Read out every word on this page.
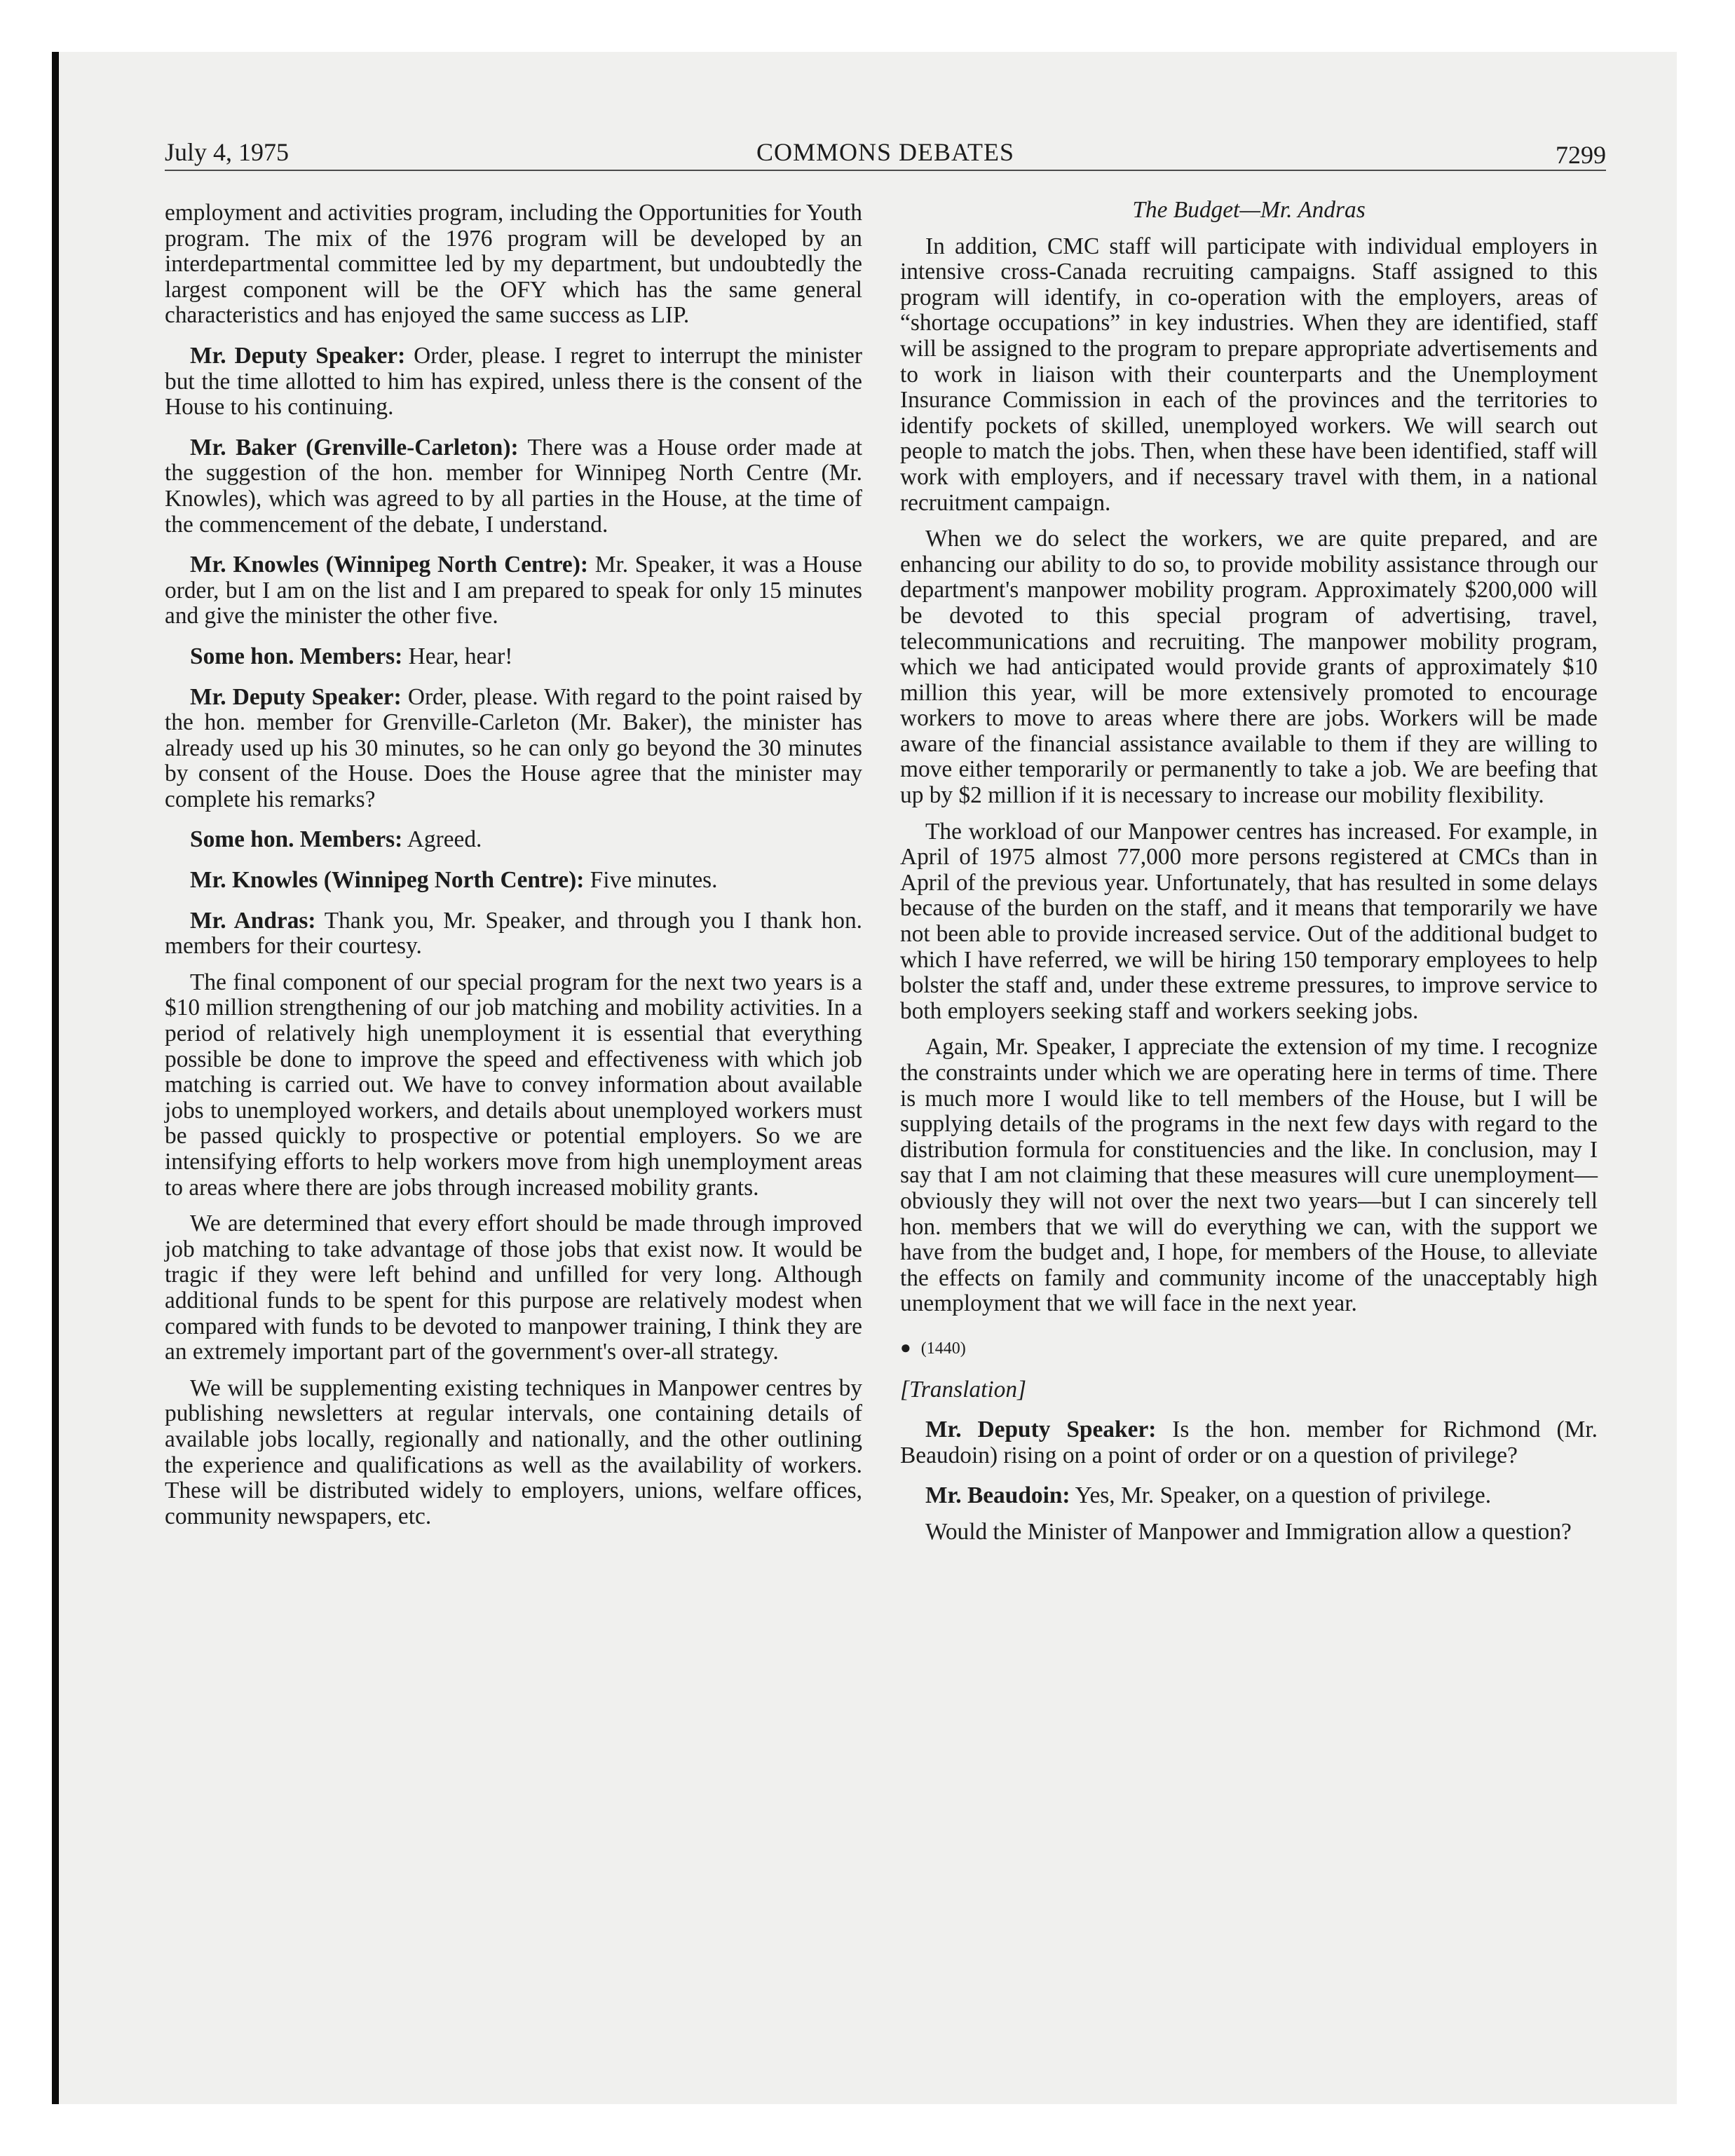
July 4, 1975	COMMONS DEBATES	7299

employment and activities program, including the Opportunities for Youth program. The mix of the 1976 program will be developed by an interdepartmental committee led by my department, but undoubtedly the largest component will be the OFY which has the same general characteristics and has enjoyed the same success as LIP.

Mr. Deputy Speaker: Order, please. I regret to interrupt the minister but the time allotted to him has expired, unless there is the consent of the House to his continuing.

Mr. Baker (Grenville-Carleton): There was a House order made at the suggestion of the hon. member for Winnipeg North Centre (Mr. Knowles), which was agreed to by all parties in the House, at the time of the commencement of the debate, I understand.

Mr. Knowles (Winnipeg North Centre): Mr. Speaker, it was a House order, but I am on the list and I am prepared to speak for only 15 minutes and give the minister the other five.

Some hon. Members: Hear, hear!

Mr. Deputy Speaker: Order, please. With regard to the point raised by the hon. member for Grenville-Carleton (Mr. Baker), the minister has already used up his 30 minutes, so he can only go beyond the 30 minutes by consent of the House. Does the House agree that the minister may complete his remarks?

Some hon. Members: Agreed.

Mr. Knowles (Winnipeg North Centre): Five minutes.

Mr. Andras: Thank you, Mr. Speaker, and through you I thank hon. members for their courtesy.

The final component of our special program for the next two years is a $10 million strengthening of our job matching and mobility activities. In a period of relatively high unemployment it is essential that everything possible be done to improve the speed and effectiveness with which job matching is carried out. We have to convey information about available jobs to unemployed workers, and details about unemployed workers must be passed quickly to prospective or potential employers. So we are intensifying efforts to help workers move from high unemployment areas to areas where there are jobs through increased mobility grants.

We are determined that every effort should be made through improved job matching to take advantage of those jobs that exist now. It would be tragic if they were left behind and unfilled for very long. Although additional funds to be spent for this purpose are relatively modest when compared with funds to be devoted to manpower training, I think they are an extremely important part of the government's over-all strategy.

We will be supplementing existing techniques in Manpower centres by publishing newsletters at regular intervals, one containing details of available jobs locally, regionally and nationally, and the other outlining the experience and qualifications as well as the availability of workers. These will be distributed widely to employers, unions, welfare offices, community newspapers, etc.

The Budget—Mr. Andras

In addition, CMC staff will participate with individual employers in intensive cross-Canada recruiting campaigns. Staff assigned to this program will identify, in co-operation with the employers, areas of “shortage occupations” in key industries. When they are identified, staff will be assigned to the program to prepare appropriate advertisements and to work in liaison with their counterparts and the Unemployment Insurance Commission in each of the provinces and the territories to identify pockets of skilled, unemployed workers. We will search out people to match the jobs. Then, when these have been identified, staff will work with employers, and if necessary travel with them, in a national recruitment campaign.

When we do select the workers, we are quite prepared, and are enhancing our ability to do so, to provide mobility assistance through our department's manpower mobility program. Approximately $200,000 will be devoted to this special program of advertising, travel, telecommunications and recruiting. The manpower mobility program, which we had anticipated would provide grants of approximately $10 million this year, will be more extensively promoted to encourage workers to move to areas where there are jobs. Workers will be made aware of the financial assistance available to them if they are willing to move either temporarily or permanently to take a job. We are beefing that up by $2 million if it is necessary to increase our mobility flexibility.

The workload of our Manpower centres has increased. For example, in April of 1975 almost 77,000 more persons registered at CMCs than in April of the previous year. Unfortunately, that has resulted in some delays because of the burden on the staff, and it means that temporarily we have not been able to provide increased service. Out of the additional budget to which I have referred, we will be hiring 150 temporary employees to help bolster the staff and, under these extreme pressures, to improve service to both employers seeking staff and workers seeking jobs.

Again, Mr. Speaker, I appreciate the extension of my time. I recognize the constraints under which we are operating here in terms of time. There is much more I would like to tell members of the House, but I will be supplying details of the programs in the next few days with regard to the distribution formula for constituencies and the like. In conclusion, may I say that I am not claiming that these measures will cure unemployment—obviously they will not over the next two years—but I can sincerely tell hon. members that we will do everything we can, with the support we have from the budget and, I hope, for members of the House, to alleviate the effects on family and community income of the unacceptably high unemployment that we will face in the next year.

● (1440)

[Translation]

Mr. Deputy Speaker: Is the hon. member for Richmond (Mr. Beaudoin) rising on a point of order or on a question of privilege?

Mr. Beaudoin: Yes, Mr. Speaker, on a question of privilege.

Would the Minister of Manpower and Immigration allow a question?
